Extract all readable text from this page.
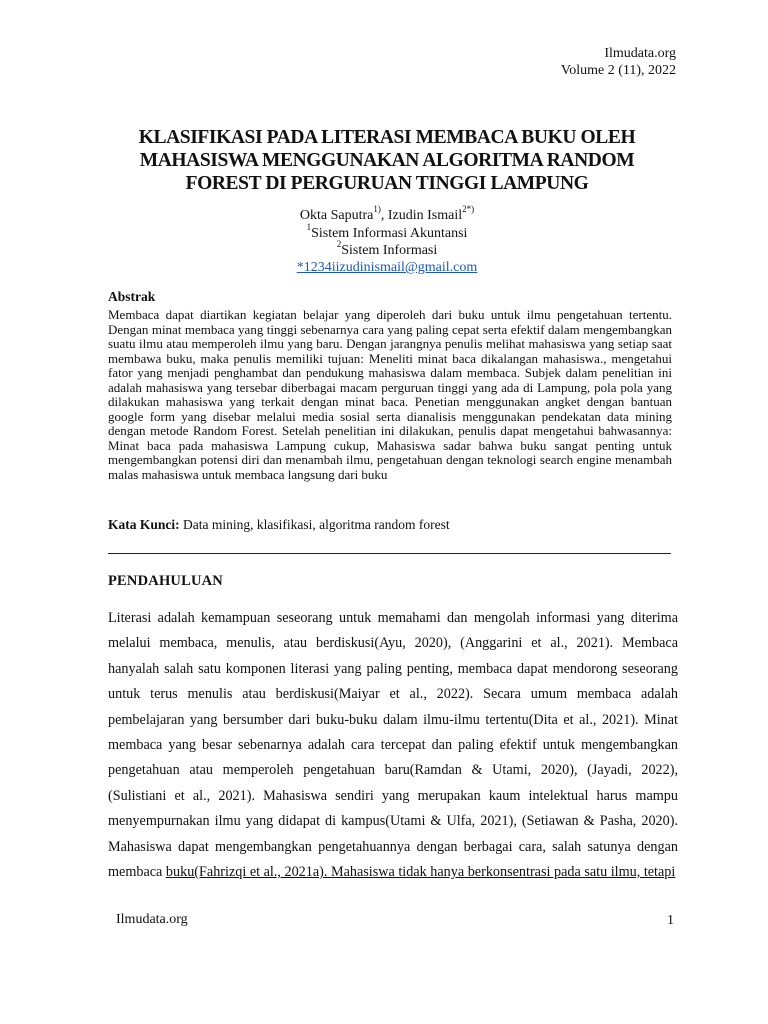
Ilmudata.org
Volume 2 (11), 2022
KLASIFIKASI PADA LITERASI MEMBACA BUKU OLEH
MAHASISWA MENGGUNAKAN ALGORITMA RANDOM
FOREST DI PERGURUAN TINGGI LAMPUNG
Okta Saputra$^{1)}$, Izudin Ismail$^{2*)}$
$^1$Sistem Informasi Akuntansi
$^2$Sistem Informasi
*1234iizudinismail@gmail.com
Abstrak
Membaca dapat diartikan kegiatan belajar yang diperoleh dari buku untuk ilmu pengetahuan tertentu. Dengan minat membaca yang tinggi sebenarnya cara yang paling cepat serta efektif dalam mengembangkan suatu ilmu atau memperoleh ilmu yang baru. Dengan jarangnya penulis melihat mahasiswa yang setiap saat membawa buku, maka penulis memiliki tujuan: Meneliti minat baca dikalangan mahasiswa., mengetahui fator yang menjadi penghambat dan pendukung mahasiswa dalam membaca. Subjek dalam penelitian ini adalah mahasiswa yang tersebar diberbagai macam perguruan tinggi yang ada di Lampung, pola pola yang dilakukan mahasiswa yang terkait dengan minat baca. Penetian menggunakan angket dengan bantuan google form yang disebar melalui media sosial serta dianalisis menggunakan pendekatan data mining dengan metode Random Forest. Setelah penelitian ini dilakukan, penulis dapat mengetahui bahwasannya: Minat baca pada mahasiswa Lampung cukup, Mahasiswa sadar bahwa buku sangat penting untuk mengembangkan potensi diri dan menambah ilmu, pengetahuan dengan teknologi search engine menambah malas mahasiswa untuk membaca langsung dari buku
Kata Kunci: Data mining, klasifikasi, algoritma random forest
PENDAHULUAN
Literasi adalah kemampuan seseorang untuk memahami dan mengolah informasi yang diterima melalui membaca, menulis, atau berdiskusi(Ayu, 2020), (Anggarini et al., 2021). Membaca hanyalah salah satu komponen literasi yang paling penting, membaca dapat mendorong seseorang untuk terus menulis atau berdiskusi(Maiyar et al., 2022). Secara umum membaca adalah pembelajaran yang bersumber dari buku-buku dalam ilmu-ilmu tertentu(Dita et al., 2021). Minat membaca yang besar sebenarnya adalah cara tercepat dan paling efektif untuk mengembangkan pengetahuan atau memperoleh pengetahuan baru(Ramdan & Utami, 2020), (Jayadi, 2022), (Sulistiani et al., 2021). Mahasiswa sendiri yang merupakan kaum intelektual harus mampu menyempurnakan ilmu yang didapat di kampus(Utami & Ulfa, 2021), (Setiawan & Pasha, 2020). Mahasiswa dapat mengembangkan pengetahuannya dengan berbagai cara, salah satunya dengan membaca buku(Fahrizqi et al., 2021a). Mahasiswa tidak hanya berkonsentrasi pada satu ilmu, tetapi
Ilmudata.org	1
